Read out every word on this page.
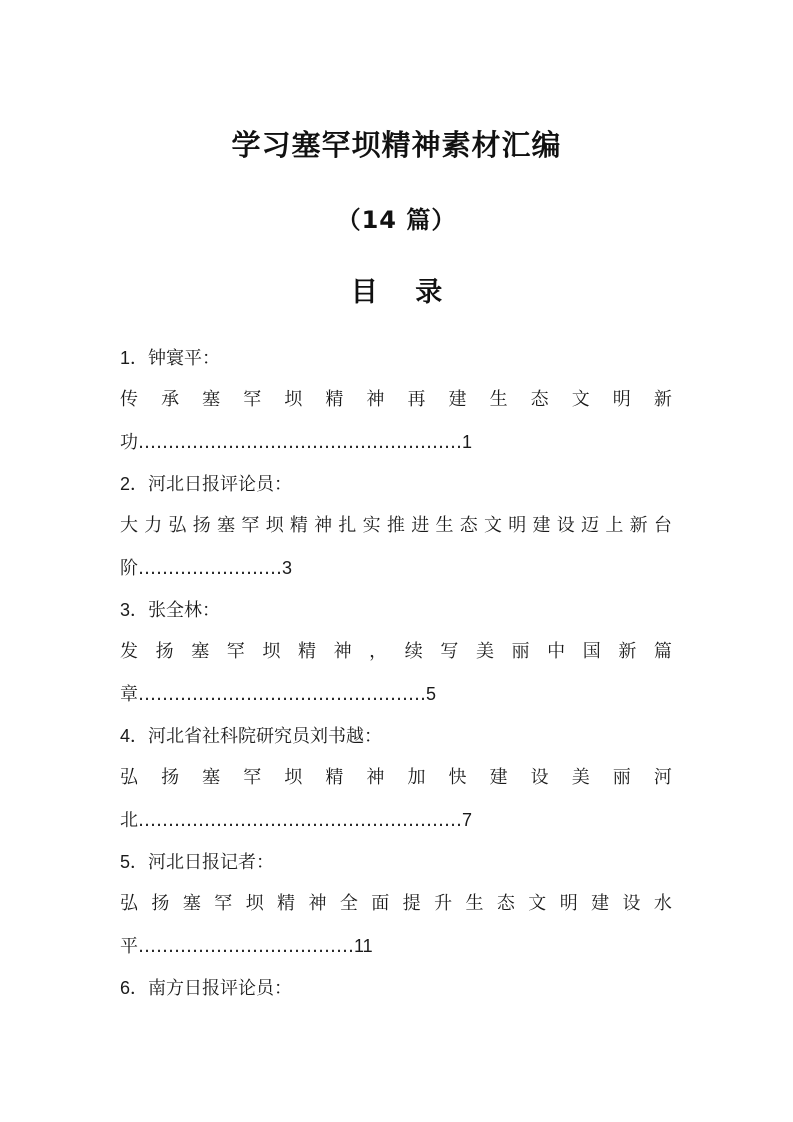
学习塞罕坝精神素材汇编
（14 篇）
目 录
1．钟寰平：
传 承 塞 罕 坝 精 神 再 建 生 态 文 明 新
功………………………………………………1
2．河北日报评论员：
大 力 弘 扬 塞 罕 坝 精 神 扎 实 推 进 生 态 文 明 建 设 迈 上 新 台
阶……………………3
3．张全林：
发 扬 塞 罕 坝 精 神 ， 续 写 美 丽 中 国 新 篇
章…………………………………………5
4．河北省社科院研究员刘书越：
弘 扬 塞 罕 坝 精 神 加 快 建 设 美 丽 河
北………………………………………………7
5．河北日报记者：
弘 扬 塞 罕 坝 精 神 全 面 提 升 生 态 文 明 建 设 水
平………………………………11
6．南方日报评论员：
